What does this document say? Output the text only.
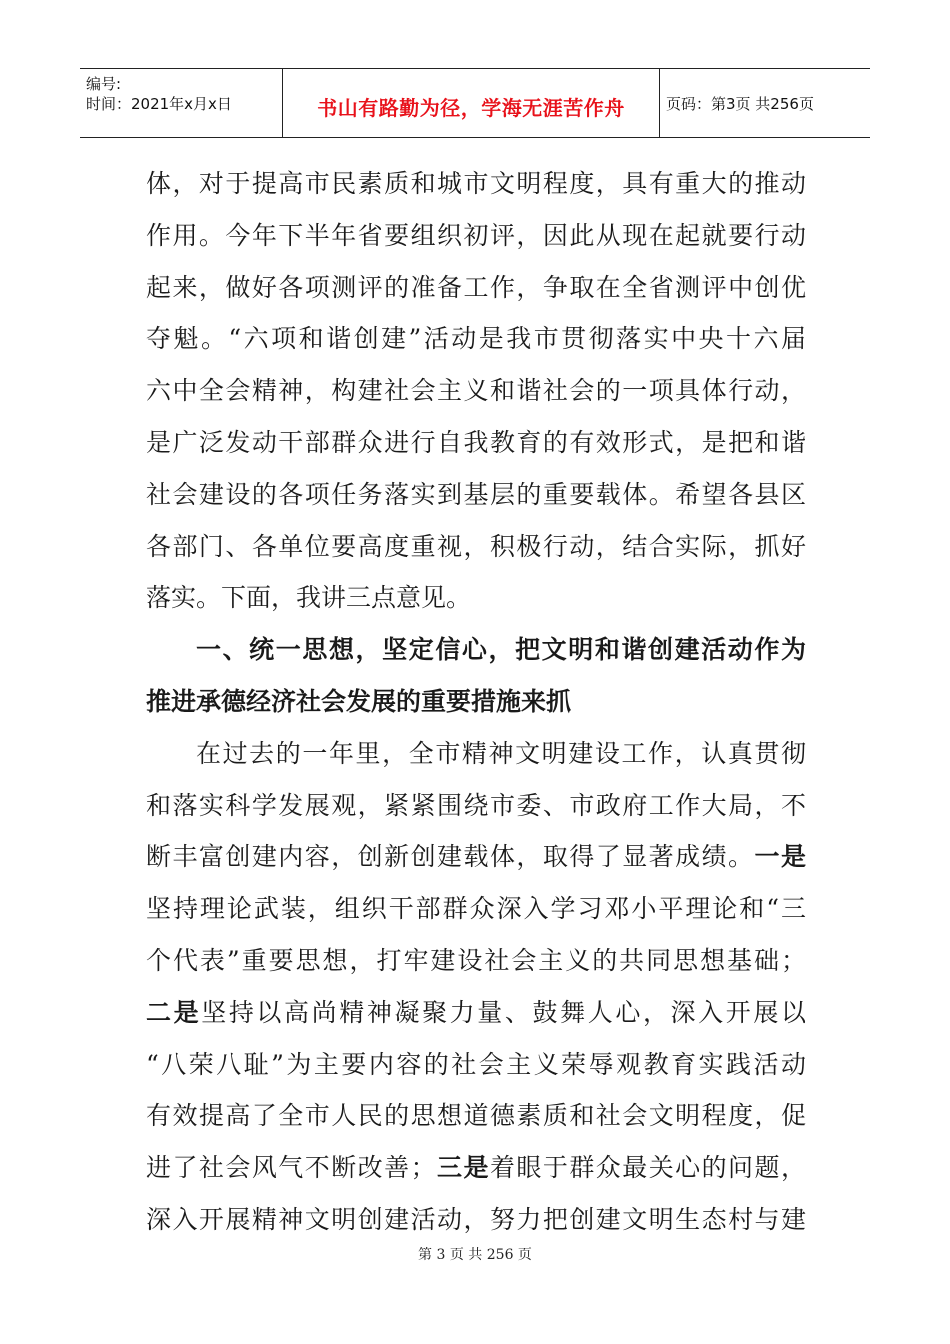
编号:
时间：2021年x月x日	书山有路勤为径，学海无涯苦作舟	页码：第3页 共256页
体，对于提高市民素质和城市文明程度，具有重大的推动
作用。今年下半年省要组织初评，因此从现在起就要行动
起来，做好各项测评的准备工作，争取在全省测评中创优
夺魁。“六项和谐创建”活动是我市贯彻落实中央十六届
六中全会精神，构建社会主义和谐社会的一项具体行动，
是广泛发动干部群众进行自我教育的有效形式，是把和谐
社会建设的各项任务落实到基层的重要载体。希望各县区
各部门、各单位要高度重视，积极行动，结合实际，抓好
落实。下面，我讲三点意见。
一、统一思想，坚定信心，把文明和谐创建活动作为
推进承德经济社会发展的重要措施来抓
在过去的一年里，全市精神文明建设工作，认真贯彻
和落实科学发展观，紧紧围绕市委、市政府工作大局，不
断丰富创建内容，创新创建载体，取得了显著成绩。一是
坚持理论武装，组织干部群众深入学习邓小平理论和“三
个代表”重要思想，打牢建设社会主义的共同思想基础；
二是坚持以高尚精神凝聚力量、鼓舞人心，深入开展以
“八荣八耻”为主要内容的社会主义荣辱观教育实践活动
有效提高了全市人民的思想道德素质和社会文明程度，促
进了社会风气不断改善；三是着眼于群众最关心的问题，
深入开展精神文明创建活动，努力把创建文明生态村与建
第 3 页 共 256 页
